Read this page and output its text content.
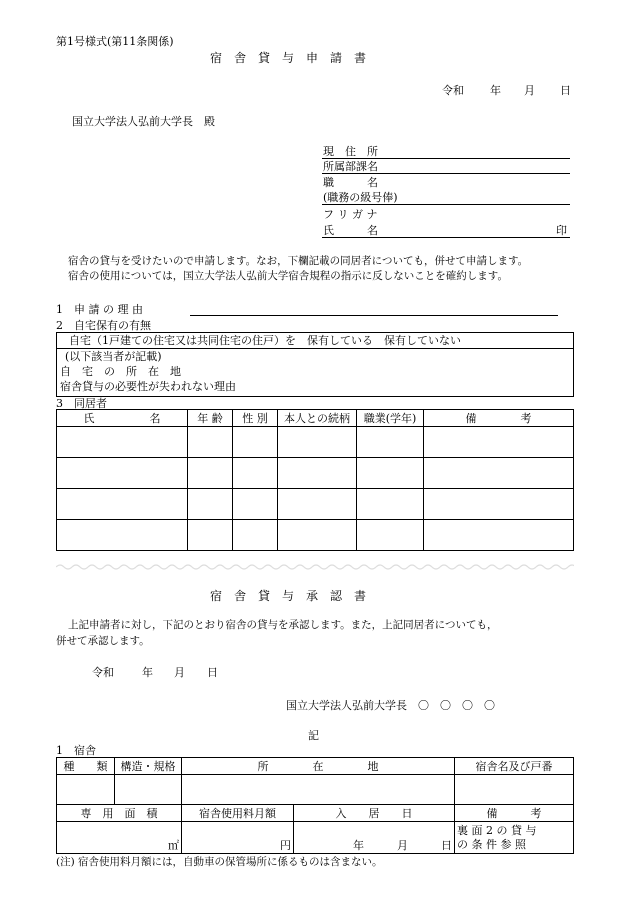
第1号様式(第11条関係)
宿　舎　貸　与　申　請　書
令和 年 月 日
国立大学法人弘前大学長　殿
現　住　所
所属部課名
職　　　名
(職務の級号俸)
フ リ ガ ナ
氏　　　名	印
宿舎の貸与を受けたいので申請します。なお，下欄記載の同居者についても，併せて申請します。
宿舎の使用については，国立大学法人弘前大学宿舎規程の指示に反しないことを確約します。
1　申 請 の 理 由
2　自宅保有の有無
自宅（1戸建ての住宅又は共同住宅の住戸）を　保有している　保有していない
(以下該当者が記載)
自　宅　の　所　在　地
宿舎貸与の必要性が失われない理由
3　同居者
氏　　　　　名	年 齢	性 別	本人との続柄	職業(学年)	備　　　　考

宿　舎　貸　与　承　認　書
上記申請者に対し，下記のとおり宿舎の貸与を承認します。また，上記同居者についても，
併せて承認します。
令和	年 月 日
国立大学法人弘前大学長　〇　〇　〇　〇
記
1　宿舎
種　　類	構造・規格	所　　　　在　　　　地		宿舎名及び戸番

専　用　面　積		宿舎使用料月額	入　　居　　日	備　　　考
㎡		円	年　　　月　　　日	裏 面 2 の 貸 与
の 条 件 参 照
(注) 宿舎使用料月額には，自動車の保管場所に係るものは含まない。
